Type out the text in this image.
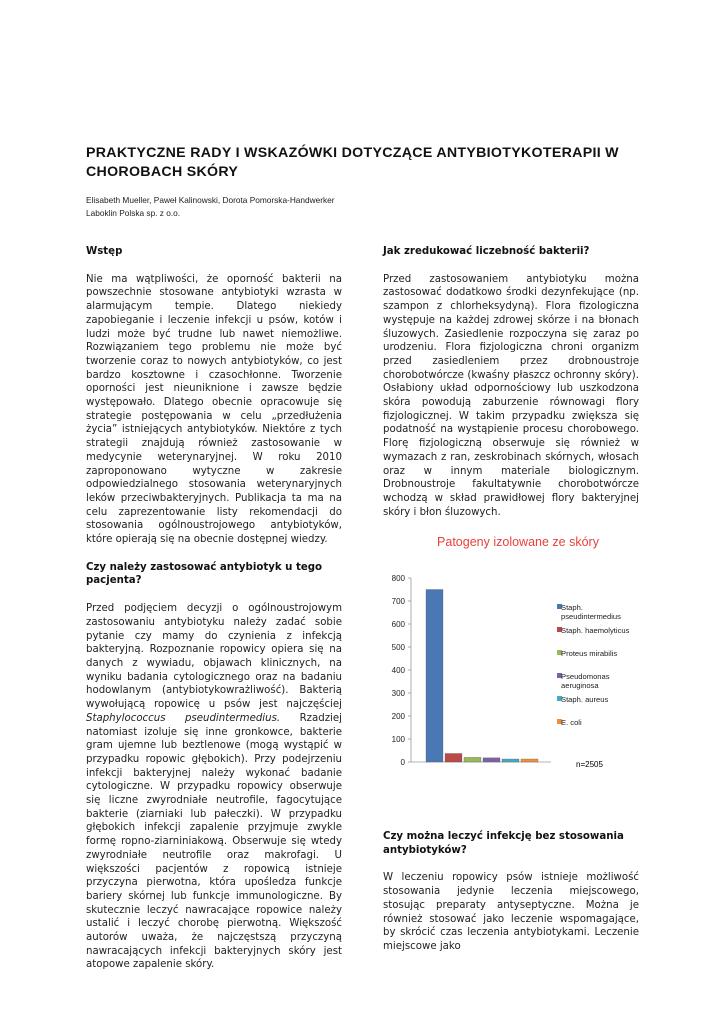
PRAKTYCZNE RADY I WSKAZÓWKI DOTYCZĄCE ANTYBIOTYKOTERAPII W CHOROBACH SKÓRY
Elisabeth Mueller, Paweł Kalinowski, Dorota Pomorska-Handwerker
Laboklin Polska sp. z o.o.
Wstęp

Nie ma wątpliwości, że oporność bakterii na powszechnie stosowane antybiotyki wzrasta w alarmującym tempie. Dlatego niekiedy zapobieganie i leczenie infekcji u psów, kotów i ludzi może być trudne lub nawet niemożliwe. Rozwiązaniem tego problemu nie może być tworzenie coraz to nowych antybiotyków, co jest bardzo kosztowne i czasochłonne. Tworzenie oporności jest nieuniknione i zawsze będzie występowało. Dlatego obecnie opracowuje się strategie postępowania w celu „przedłużenia życia” istniejących antybiotyków. Niektóre z tych strategii znajdują również zastosowanie w medycynie weterynaryjnej. W roku 2010 zaproponowano wytyczne w zakresie odpowiedzialnego stosowania weterynaryjnych leków przeciwbakteryjnych. Publikacja ta ma na celu zaprezentowanie listy rekomendacji do stosowania ogólnoustrojowego antybiotyków, które opierają się na obecnie dostępnej wiedzy.

Czy należy zastosować antybiotyk u tego pacjenta?

Przed podjęciem decyzji o ogólnoustrojowym zastosowaniu antybiotyku należy zadać sobie pytanie czy mamy do czynienia z infekcją bakteryjną. Rozpoznanie ropowicy opiera się na danych z wywiadu, objawach klinicznych, na wyniku badania cytologicznego oraz na badaniu hodowlanym (antybiotykowrażliwość). Bakterią wywołującą ropowicę u psów jest najczęściej Staphylococcus pseudintermedius. Rzadziej natomiast izoluje się inne gronkowce, bakterie gram ujemne lub beztlenowe (mogą wystąpić w przypadku ropowic głębokich). Przy podejrzeniu infekcji bakteryjnej należy wykonać badanie cytologiczne. W przypadku ropowicy obserwuje się liczne zwyrodniałe neutrofile, fagocytujące bakterie (ziarniaki lub pałeczki). W przypadku głębokich infekcji zapalenie przyjmuje zwykle formę ropno-ziarniniakową. Obserwuje się wtedy zwyrodniałe neutrofile oraz makrofagi. U większości pacjentów z ropowicą istnieje przyczyna pierwotna, która upośledza funkcje bariery skórnej lub funkcje immunologiczne. By skutecznie leczyć nawracające ropowice należy ustalić i leczyć chorobę pierwotną. Większość autorów uważa, że najczęstszą przyczyną nawracających infekcji bakteryjnych skóry jest atopowe zapalenie skóry.

Jak zredukować liczebność bakterii?

Przed zastosowaniem antybiotyku można zastosować dodatkowo środki dezynfekujące (np. szampon z chlorheksydyną). Flora fizologiczna występuje na każdej zdrowej skórze i na błonach śluzowych. Zasiedlenie rozpoczyna się zaraz po urodzeniu. Flora fizjologiczna chroni organizm przed zasiedleniem przez drobnoustroje chorobotwórcze (kwaśny płaszcz ochronny skóry). Osłabiony układ odpornościowy lub uszkodzona skóra powodują zaburzenie równowagi flory fizjologicznej. W takim przypadku zwiększa się podatność na wystąpienie procesu chorobowego. Florę fizjologiczną obserwuje się również w wymazach z ran, zeskrobinach skórnych, włosach oraz w innym materiale biologicznym. Drobnoustroje fakultatywnie chorobotwórcze wchodzą w skład prawidłowej flory bakteryjnej skóry i błon śluzowych.

Patogeny izolowane ze skóry
0
100
200
300
400
500
600
700
800
Staph. pseudintermedius
Staph. haemolyticus
Proteus mirabilis
Pseudomonas aeruginosa
Staph. aureus
E. coli
n=2505
Czy można leczyć infekcję bez stosowania antybiotyków?

W leczeniu ropowicy psów istnieje możliwość stosowania jedynie leczenia miejscowego, stosując preparaty antyseptyczne. Można je również stosować jako leczenie wspomagające, by skrócić czas leczenia antybiotykami. Leczenie miejscowe jako
